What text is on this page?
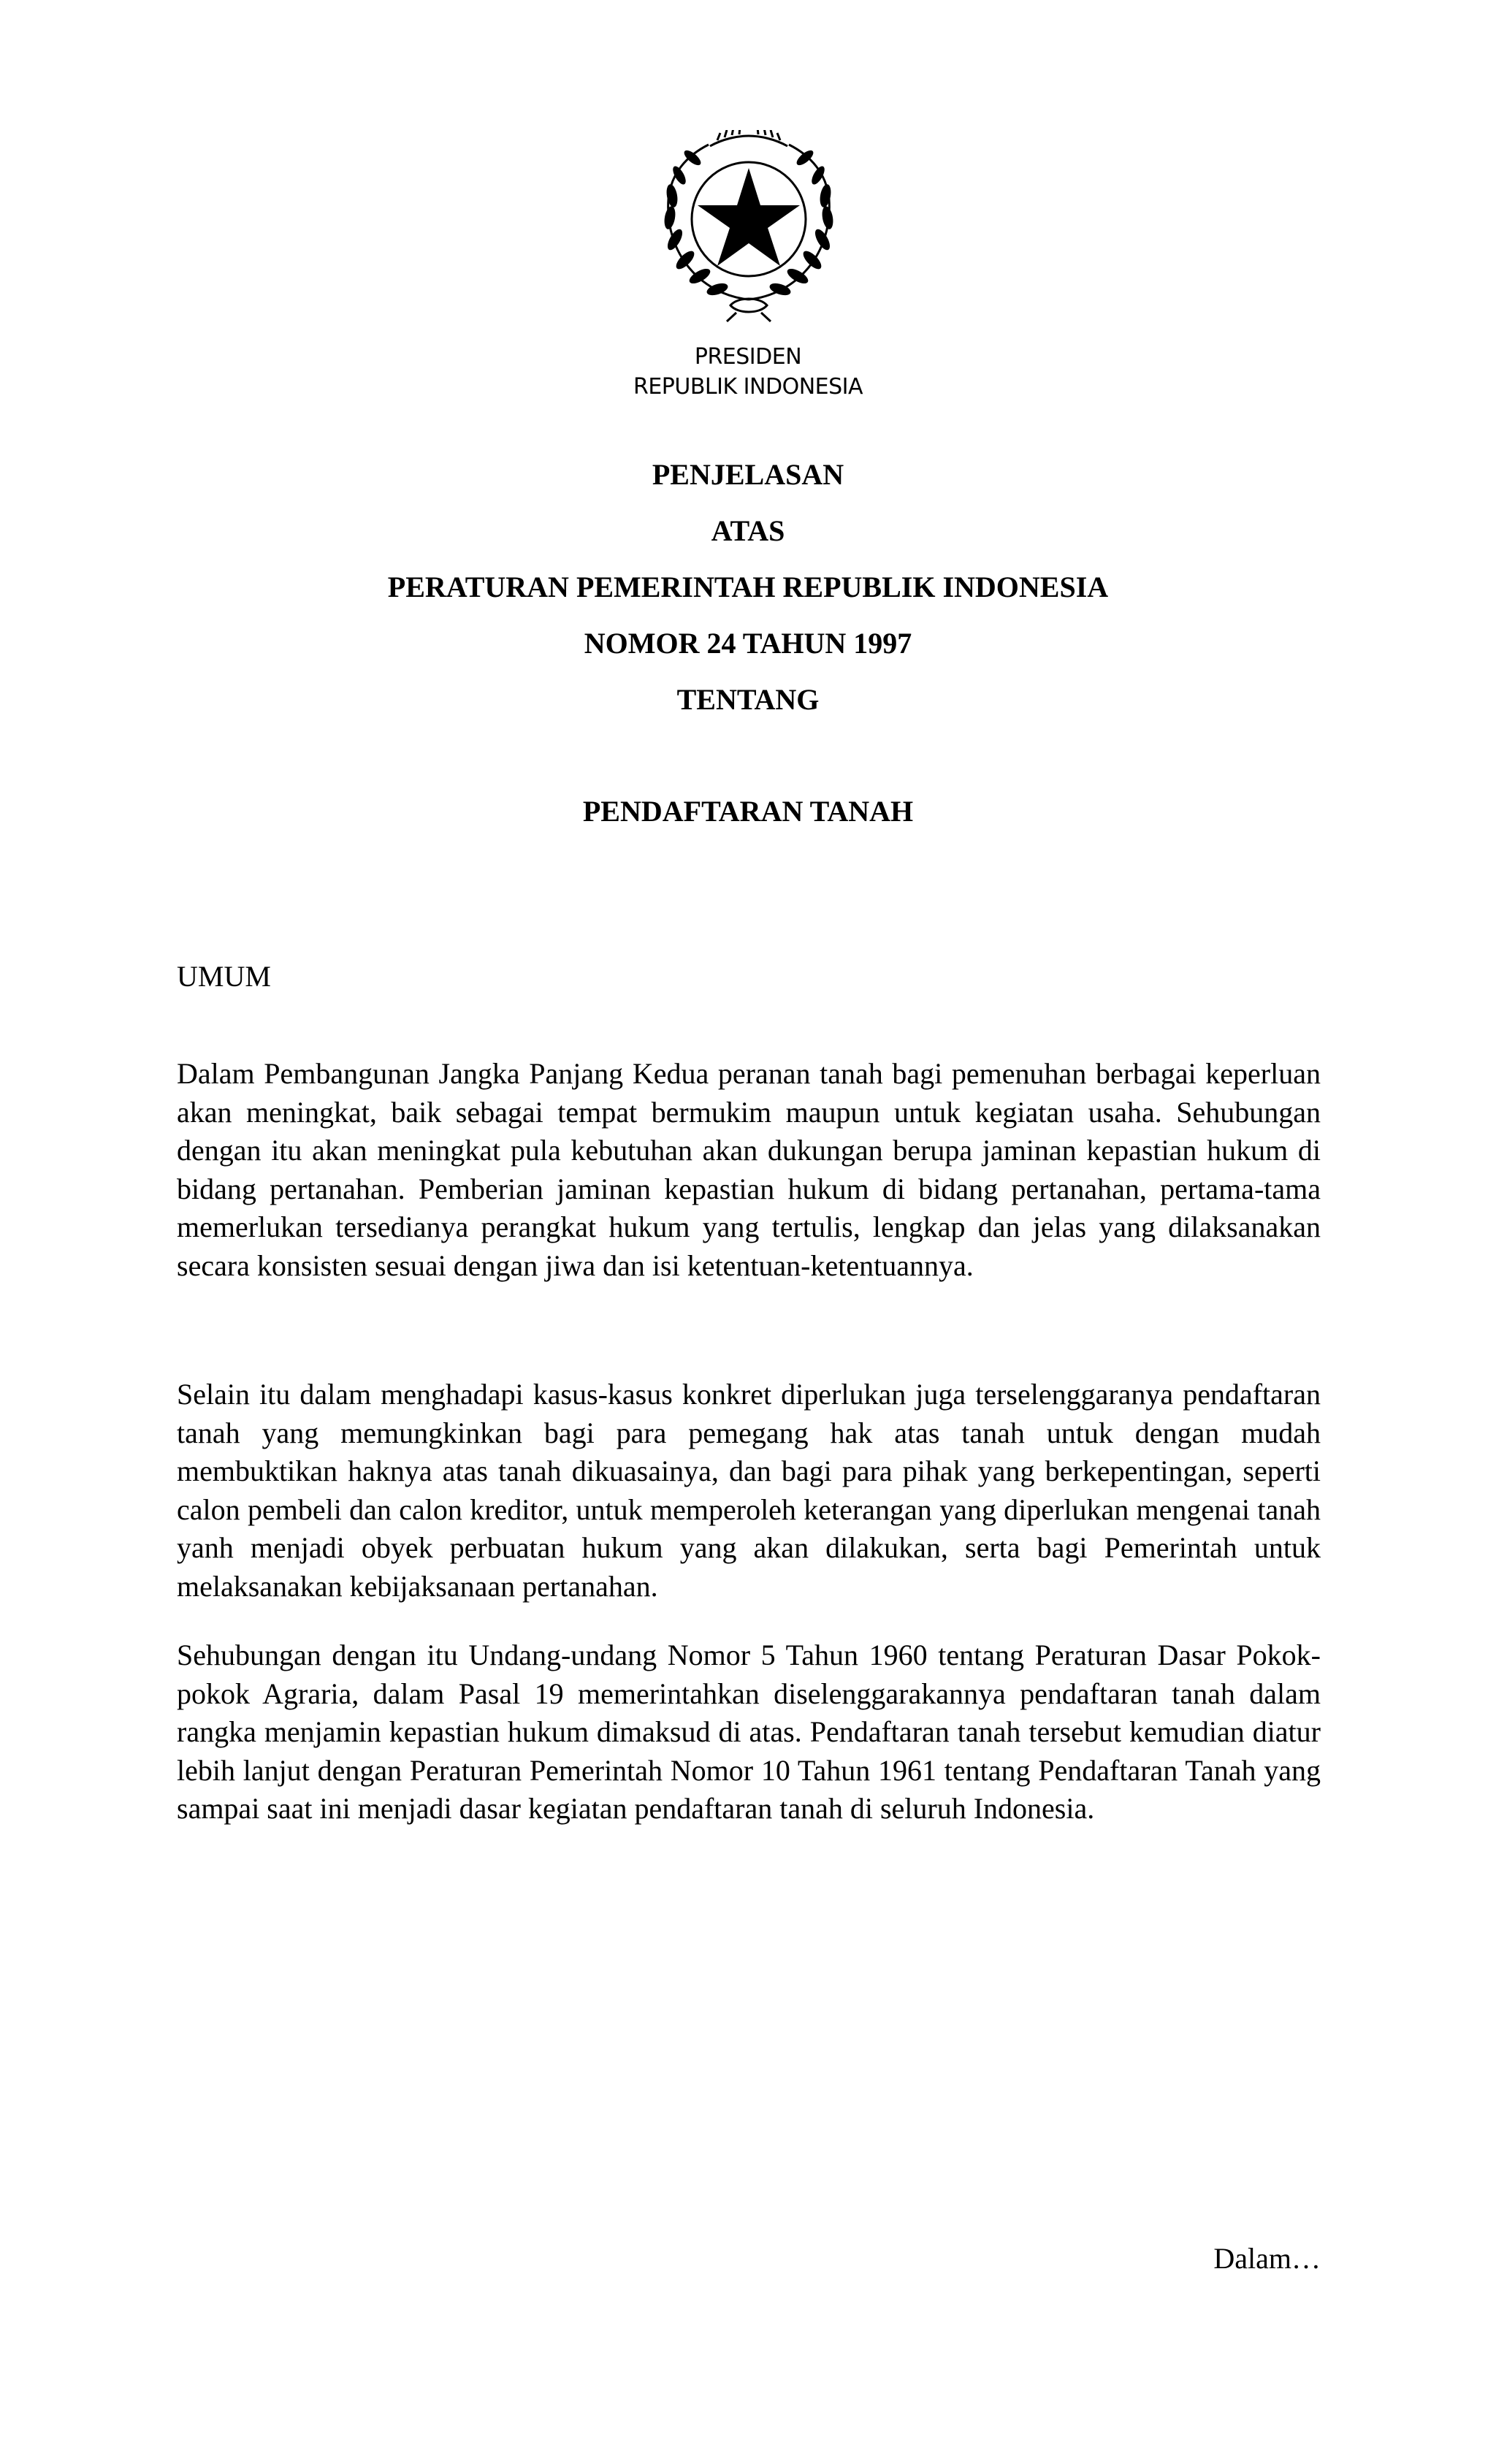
PRESIDEN
REPUBLIK INDONESIA
PENJELASAN
ATAS
PERATURAN PEMERINTAH REPUBLIK INDONESIA
NOMOR 24 TAHUN 1997
TENTANG
PENDAFTARAN TANAH
UMUM

Dalam Pembangunan Jangka Panjang Kedua peranan tanah bagi pemenuhan berbagai keperluan akan meningkat, baik sebagai tempat bermukim maupun untuk kegiatan usaha. Sehubungan dengan itu akan meningkat pula kebutuhan akan dukungan berupa jaminan kepastian hukum di bidang pertanahan. Pemberian jaminan kepastian hukum di bidang pertanahan, pertama-tama memerlukan tersedianya perangkat hukum yang tertulis, lengkap dan jelas yang dilaksanakan secara konsisten sesuai dengan jiwa dan isi ketentuan-ketentuannya.

Selain itu dalam menghadapi kasus-kasus konkret diperlukan juga terselenggaranya pendaftaran tanah yang memungkinkan bagi para pemegang hak atas tanah untuk dengan mudah membuktikan haknya atas tanah dikuasainya, dan bagi para pihak yang berkepentingan, seperti calon pembeli dan calon kreditor, untuk memperoleh keterangan yang diperlukan mengenai tanah yanh menjadi obyek perbuatan hukum yang akan dilakukan, serta bagi Pemerintah untuk melaksanakan kebijaksanaan pertanahan.

Sehubungan dengan itu Undang-undang Nomor 5 Tahun 1960 tentang Peraturan Dasar Pokok-pokok Agraria, dalam Pasal 19 memerintahkan diselenggarakannya pendaftaran tanah dalam rangka menjamin kepastian hukum dimaksud di atas. Pendaftaran tanah tersebut kemudian diatur lebih lanjut dengan Peraturan Pemerintah Nomor 10 Tahun 1961 tentang Pendaftaran Tanah yang sampai saat ini menjadi dasar kegiatan pendaftaran tanah di seluruh Indonesia.

Dalam…
